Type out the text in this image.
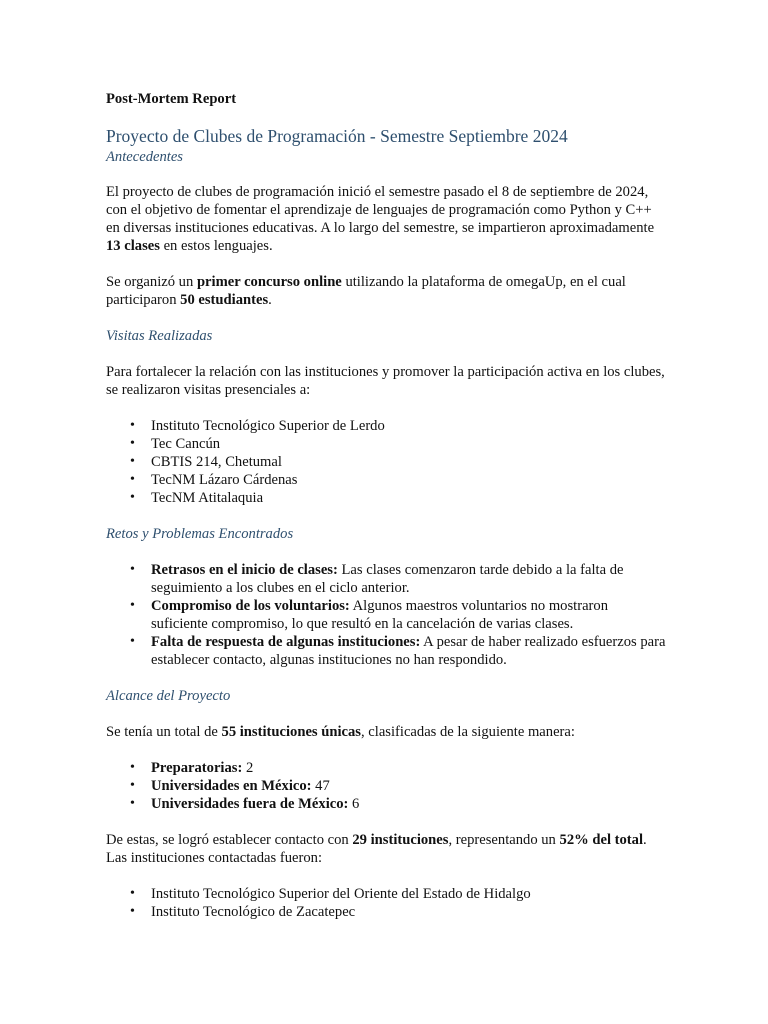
Post-Mortem Report

Proyecto de Clubes de Programación - Semestre Septiembre 2024
Antecedentes

El proyecto de clubes de programación inició el semestre pasado el 8 de septiembre de 2024, con el objetivo de fomentar el aprendizaje de lenguajes de programación como Python y C++ en diversas instituciones educativas. A lo largo del semestre, se impartieron aproximadamente 13 clases en estos lenguajes.

Se organizó un primer concurso online utilizando la plataforma de omegaUp, en el cual participaron 50 estudiantes.

Visitas Realizadas

Para fortalecer la relación con las instituciones y promover la participación activa en los clubes, se realizaron visitas presenciales a:

• Instituto Tecnológico Superior de Lerdo
• Tec Cancún
• CBTIS 214, Chetumal
• TecNM Lázaro Cárdenas
• TecNM Atitalaquia
Retos y Problemas Encontrados
• Retrasos en el inicio de clases: Las clases comenzaron tarde debido a la falta de seguimiento a los clubes en el ciclo anterior.
• Compromiso de los voluntarios: Algunos maestros voluntarios no mostraron suficiente compromiso, lo que resultó en la cancelación de varias clases.
• Falta de respuesta de algunas instituciones: A pesar de haber realizado esfuerzos para establecer contacto, algunas instituciones no han respondido.
Alcance del Proyecto

Se tenía un total de 55 instituciones únicas, clasificadas de la siguiente manera:

• Preparatorias: 2
• Universidades en México: 47
• Universidades fuera de México: 6

De estas, se logró establecer contacto con 29 instituciones, representando un 52% del total. Las instituciones contactadas fueron:

• Instituto Tecnológico Superior del Oriente del Estado de Hidalgo
• Instituto Tecnológico de Zacatepec
